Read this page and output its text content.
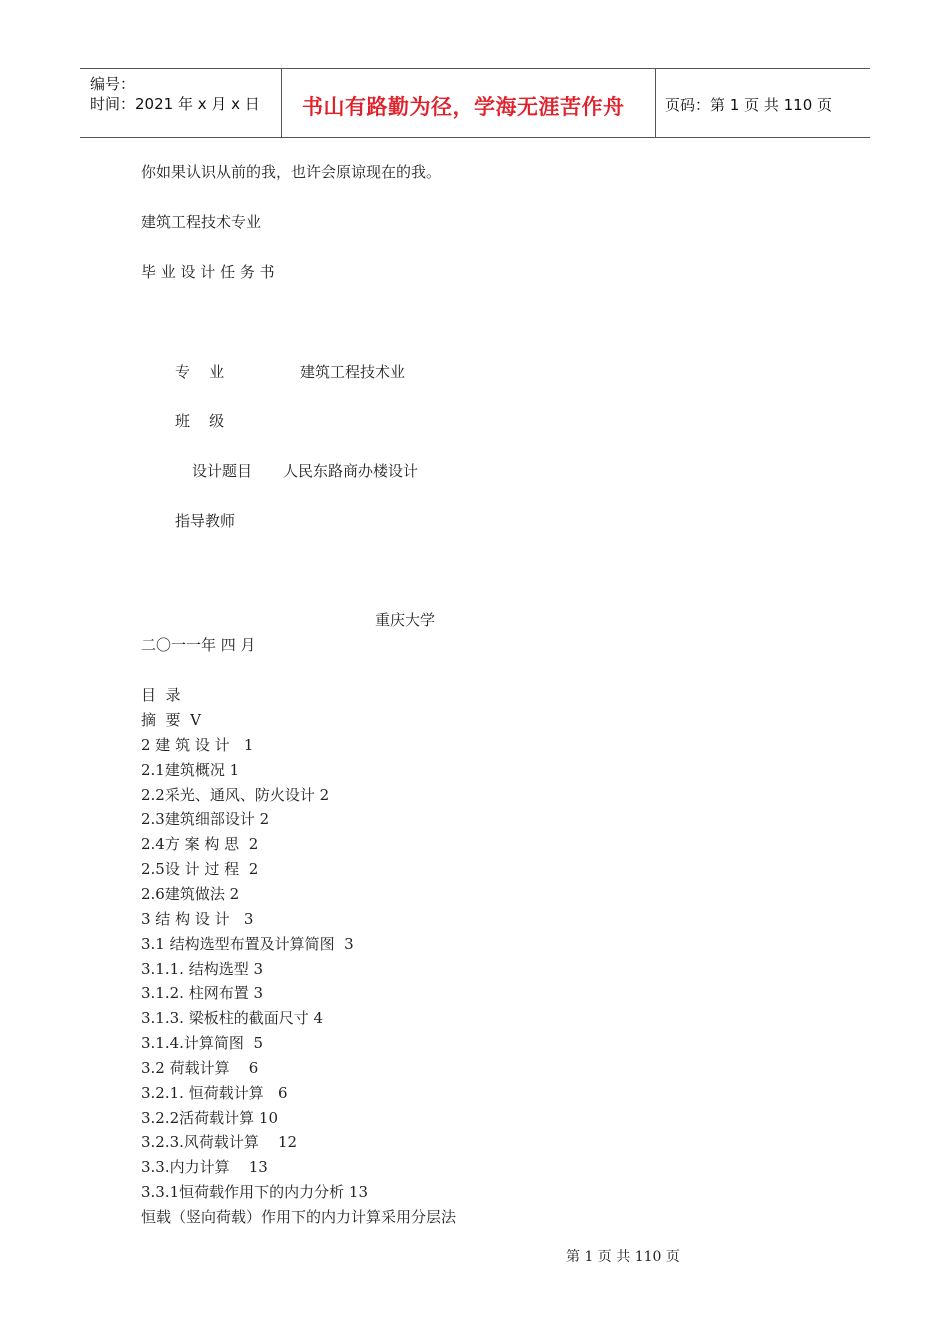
编号：
时间：2021 年 x 月 x 日 书山有路勤为径，学海无涯苦作舟	页码：第 1 页 共 110 页
你如果认识从前的我，也许会原谅现在的我。
建筑工程技术专业
毕 业 设 计 任 务 书
专    业	建筑工程技术业
班    级
设计题目 人民东路商办楼设计
指导教师
重庆大学
二〇一一年 四 月
目  录
摘  要  V
2 建 筑 设 计   1
2.1建筑概况 1
2.2采光、通风、防火设计 2
2.3建筑细部设计 2
2.4方 案 构 思  2
2.5设 计 过 程  2
2.6建筑做法 2
3 结 构 设 计   3
3.1 结构选型布置及计算简图  3
3.1.1. 结构选型 3
3.1.2. 柱网布置 3
3.1.3. 梁板柱的截面尺寸 4
3.1.4.计算简图  5
3.2 荷载计算    6
3.2.1. 恒荷载计算   6
3.2.2活荷载计算 10
3.2.3.风荷载计算    12
3.3.内力计算    13
3.3.1恒荷载作用下的内力分析 13
恒载（竖向荷载）作用下的内力计算采用分层法
第 1 页 共 110 页
